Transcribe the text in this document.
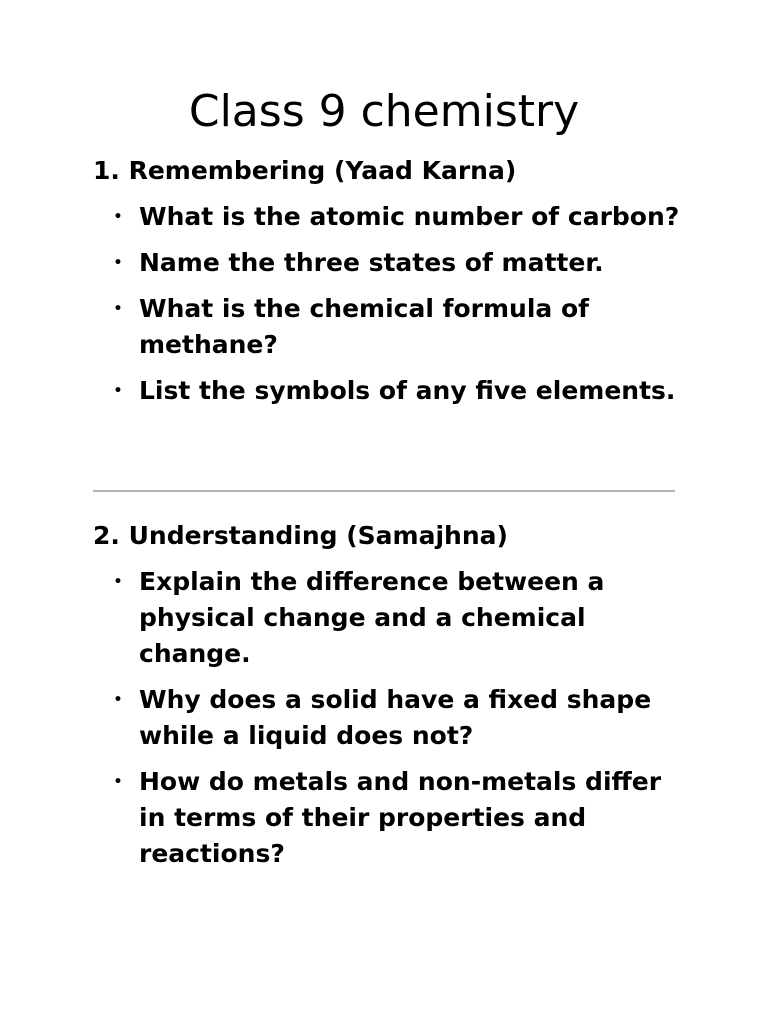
Class 9 chemistry
1. Remembering (Yaad Karna)
• What is the atomic number of carbon?
• Name the three states of matter.
• What is the chemical formula of methane?
• List the symbols of any five elements.
2. Understanding (Samajhna)
• Explain the difference between a physical change and a chemical change.
• Why does a solid have a fixed shape while a liquid does not?
• How do metals and non-metals differ in terms of their properties and reactions?
